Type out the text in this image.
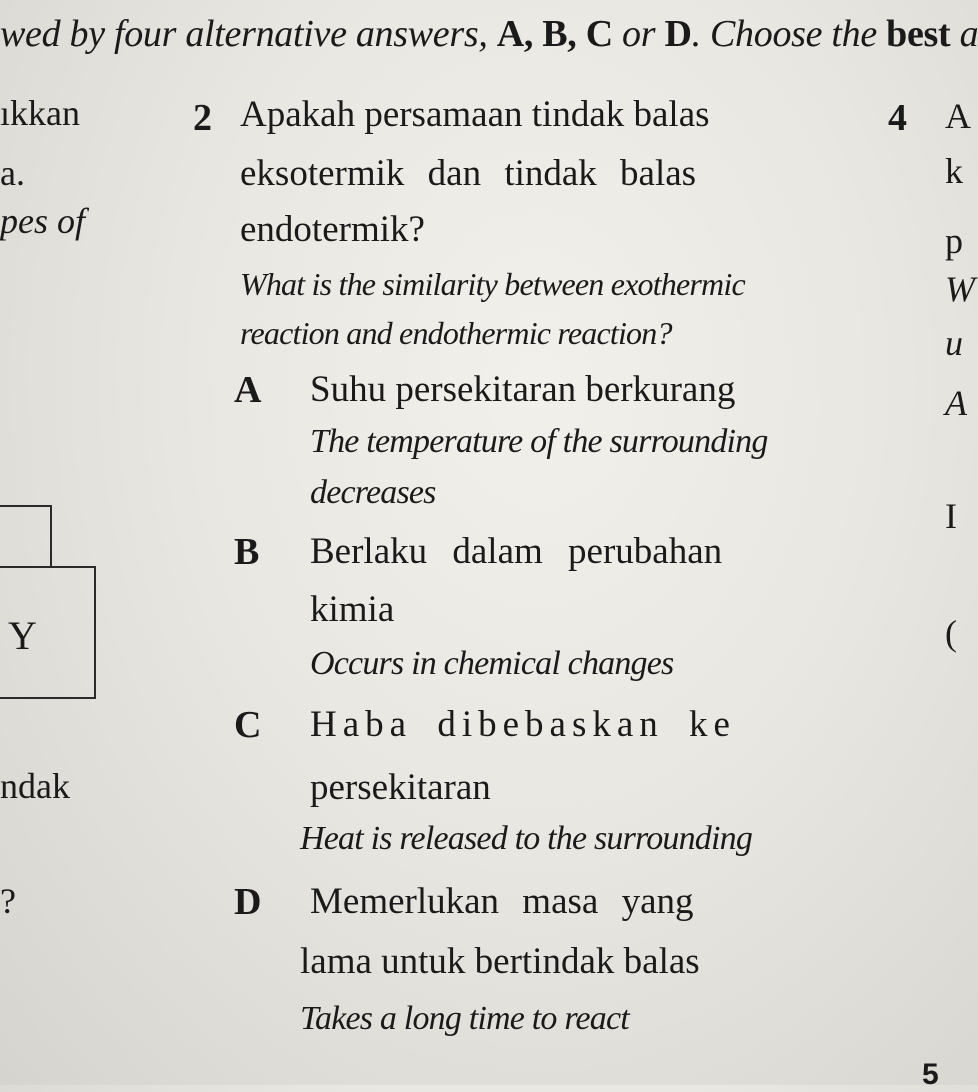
wed by four alternative answers, A, B, C or D. Choose the best a
ıkkan
a.
pes of
Y
ndak
?
2 Apakah persamaan tindak balas
eksotermik dan tindak balas
endotermik?
What is the similarity between exothermic
reaction and endothermic reaction?
A Suhu persekitaran berkurang
The temperature of the surrounding
decreases
B Berlaku dalam perubahan
kimia
Occurs in chemical changes
C Haba dibebaskan ke
persekitaran
Heat is released to the surrounding
D Memerlukan masa yang
lama untuk bertindak balas
Takes a long time to react
4 A
k
p
W
u
A
I
(
5
